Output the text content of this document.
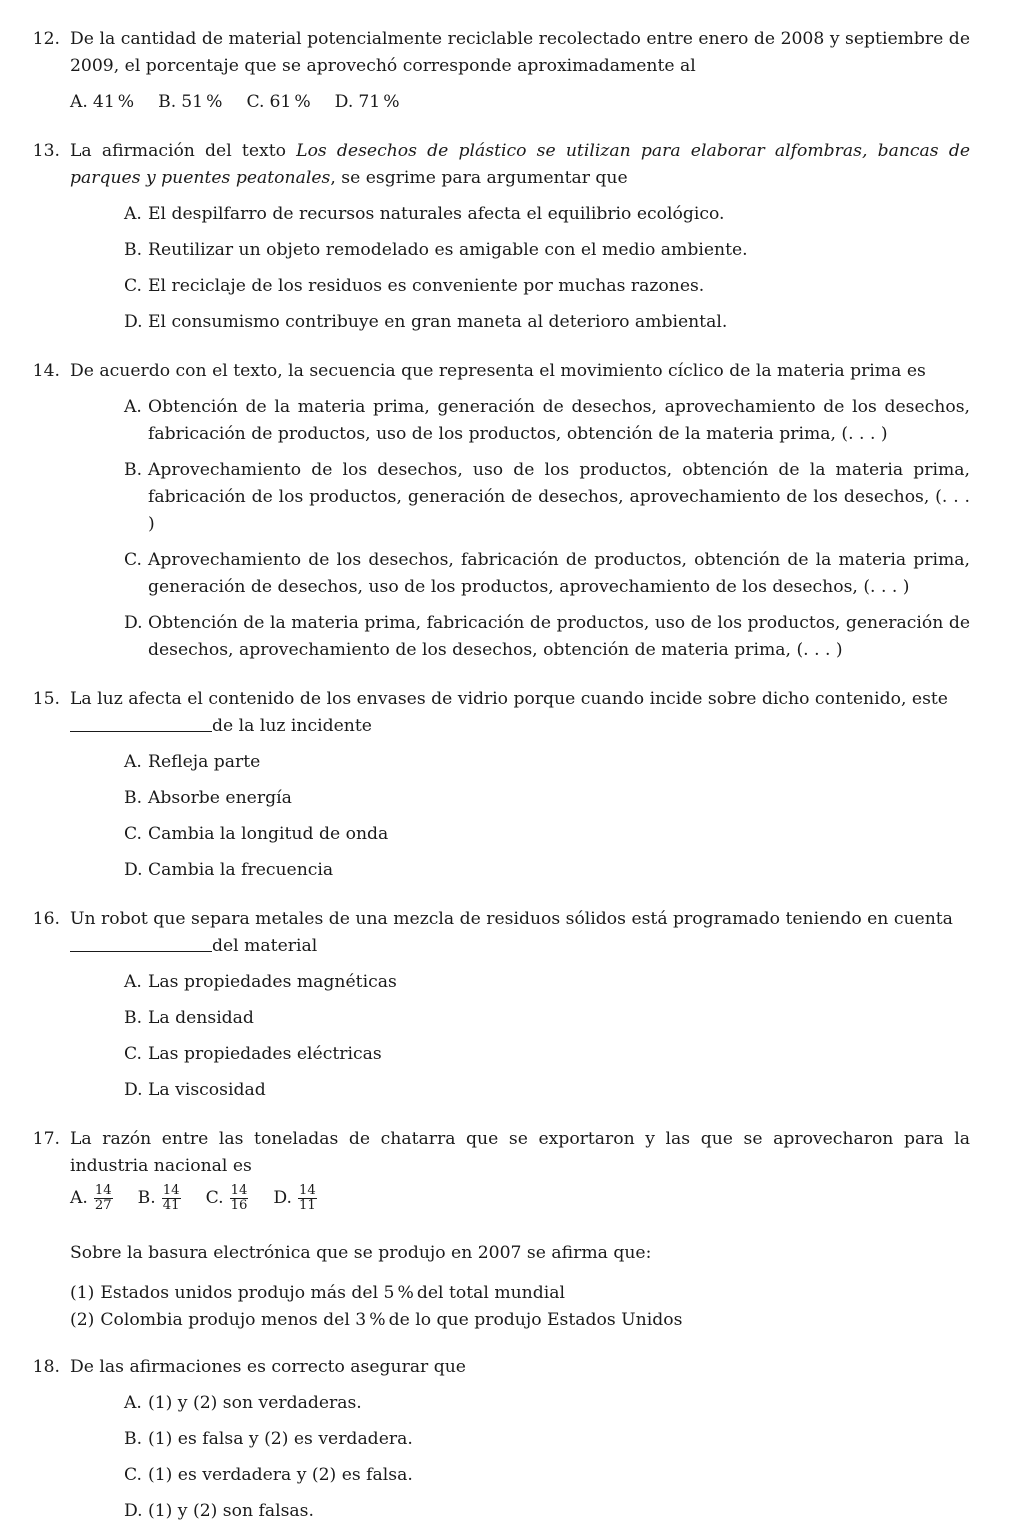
12. De la cantidad de material potencialmente reciclable recolectado entre enero de 2008 y septiembre de 2009, el porcentaje que se aprovechó corresponde aproximadamente al

A. 41 % B. 51 % C. 61 % D. 71 %
13. La afirmación del texto Los desechos de plástico se utilizan para elaborar alfombras, bancas de parques y puentes peatonales, se esgrime para argumentar que

A. El despilfarro de recursos naturales afecta el equilibrio ecológico.
B. Reutilizar un objeto remodelado es amigable con el medio ambiente.
C. El reciclaje de los residuos es conveniente por muchas razones.
D. El consumismo contribuye en gran maneta al deterioro ambiental.
14. De acuerdo con el texto, la secuencia que representa el movimiento cíclico de la materia prima es

A. Obtención de la materia prima, generación de desechos, aprovechamiento de los desechos, fabricación de productos, uso de los productos, obtención de la materia prima, (. . . )
B. Aprovechamiento de los desechos, uso de los productos, obtención de la materia prima, fabricación de los productos, generación de desechos, aprovechamiento de los desechos, (. . . )
C. Aprovechamiento de los desechos, fabricación de productos, obtención de la materia prima, generación de desechos, uso de los productos, aprovechamiento de los desechos, (. . . )
D. Obtención de la materia prima, fabricación de productos, uso de los productos, generación de desechos, aprovechamiento de los desechos, obtención de materia prima, (. . . )
15. La luz afecta el contenido de los envases de vidrio porque cuando incide sobre dicho contenido, este

de la luz incidente

A. Refleja parte
B. Absorbe energía
C. Cambia la longitud de onda
D. Cambia la frecuencia
16. Un robot que separa metales de una mezcla de residuos sólidos está programado teniendo en cuenta

del material

A. Las propiedades magnéticas
B. La densidad
C. Las propiedades eléctricas
D. La viscosidad
17. La razón entre las toneladas de chatarra que se exportaron y las que se aprovecharon para la industria nacional es

A. $\frac{14}{27} B$. $\frac{14}{41} C$. $\frac{14}{16} D$. $\frac{14}{11}$

Sobre la basura electrónica que se produjo en 2007 se afirma que:

(1) Estados unidos produjo más del 5 % del total mundial

(2) Colombia produjo menos del 3 % de lo que produjo Estados Unidos

18. De las afirmaciones es correcto asegurar que

A. (1) y (2) son verdaderas.
B. (1) es falsa y (2) es verdadera.
C. (1) es verdadera y (2) es falsa.
D. (1) y (2) son falsas.
